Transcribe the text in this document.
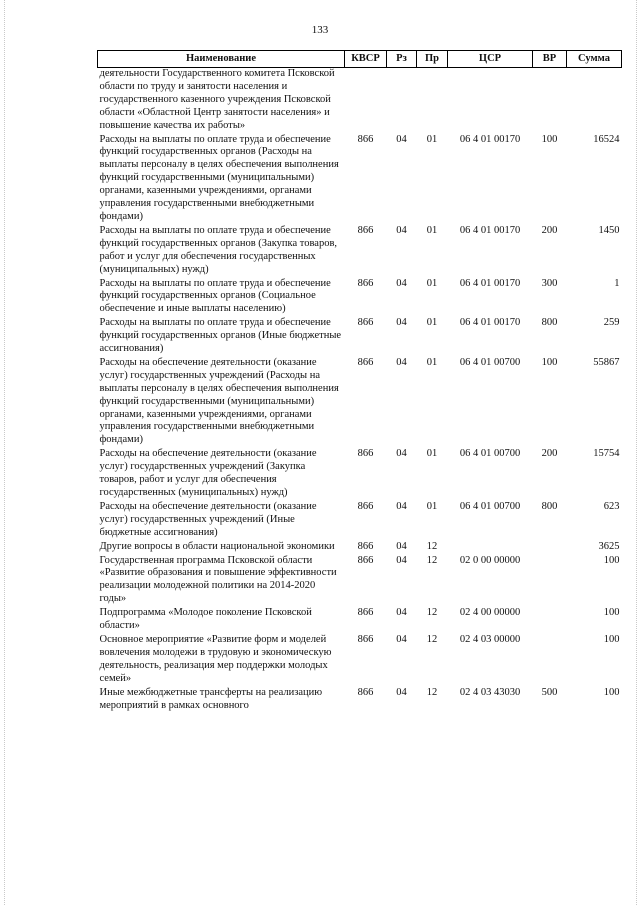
133
Наименование	КВСР	Рз	Пр	ЦСР	ВР	Сумма
деятельности Государственного комитета Псковской области по труду и занятости населения и государственного казенного учреждения Псковской области «Областной Центр занятости населения» и повышение качества их работы»						
Расходы на выплаты по оплате труда и обеспечение функций государственных органов (Расходы на выплаты персоналу в целях обеспечения выполнения функций государственными (муниципальными) органами, казенными учреждениями, органами управления государственными внебюджетными фондами)	866	04	01	06 4 01 00170	100	16524
Расходы на выплаты по оплате труда и обеспечение функций государственных органов (Закупка товаров, работ и услуг для обеспечения государственных (муниципальных) нужд)	866	04	01	06 4 01 00170	200	1450
Расходы на выплаты по оплате труда и обеспечение функций государственных органов (Социальное обеспечение и иные выплаты населению)	866	04	01	06 4 01 00170	300	1
Расходы на выплаты по оплате труда и обеспечение функций государственных органов (Иные бюджетные ассигнования)	866	04	01	06 4 01 00170	800	259
Расходы на обеспечение деятельности (оказание услуг) государственных учреждений (Расходы на выплаты персоналу в целях обеспечения выполнения функций государственными (муниципальными) органами, казенными учреждениями, органами управления государственными внебюджетными фондами)	866	04	01	06 4 01 00700	100	55867
Расходы на обеспечение деятельности (оказание услуг) государственных учреждений (Закупка товаров, работ и услуг для обеспечения государственных (муниципальных) нужд)	866	04	01	06 4 01 00700	200	15754
Расходы на обеспечение деятельности (оказание услуг) государственных учреждений (Иные бюджетные ассигнования)	866	04	01	06 4 01 00700	800	623
Другие вопросы в области национальной экономики	866	04	12			3625
Государственная программа Псковской области «Развитие образования и повышение эффективности реализации молодежной политики на 2014-2020 годы»	866	04	12	02 0 00 00000		100
Подпрограмма «Молодое поколение Псковской области»	866	04	12	02 4 00 00000		100
Основное мероприятие «Развитие форм и моделей вовлечения молодежи в трудовую и экономическую деятельность, реализация мер поддержки молодых семей»	866	04	12	02 4 03 00000		100
Иные межбюджетные трансферты на реализацию мероприятий в рамках основного	866	04	12	02 4 03 43030	500	100
